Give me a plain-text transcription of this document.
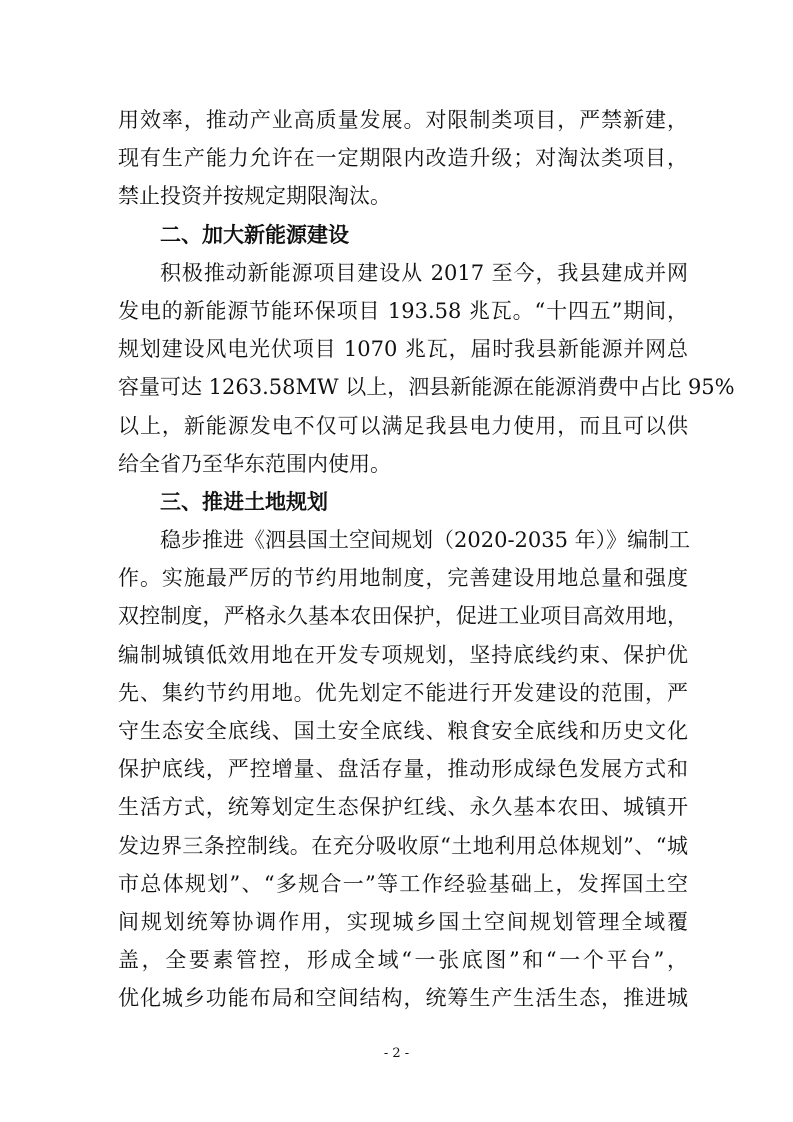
用效率，推动产业高质量发展。对限制类项目，严禁新建，
现有生产能力允许在一定期限内改造升级；对淘汰类项目，
禁止投资并按规定期限淘汰。
二、加大新能源建设
积极推动新能源项目建设从 2017 至今，我县建成并网
发电的新能源节能环保项目 193.58 兆瓦。“十四五”期间，
规划建设风电光伏项目 1070 兆瓦，届时我县新能源并网总
容量可达 1263.58MW 以上，泗县新能源在能源消费中占比 95%
以上，新能源发电不仅可以满足我县电力使用，而且可以供
给全省乃至华东范围内使用。
三、推进土地规划
稳步推进《泗县国土空间规划（2020-2035 年）》编制工
作。实施最严厉的节约用地制度，完善建设用地总量和强度
双控制度，严格永久基本农田保护，促进工业项目高效用地，
编制城镇低效用地在开发专项规划，坚持底线约束、保护优
先、集约节约用地。优先划定不能进行开发建设的范围，严
守生态安全底线、国土安全底线、粮食安全底线和历史文化
保护底线，严控增量、盘活存量，推动形成绿色发展方式和
生活方式，统筹划定生态保护红线、永久基本农田、城镇开
发边界三条控制线。在充分吸收原“土地利用总体规划”、“城
市总体规划”、“多规合一”等工作经验基础上，发挥国土空
间规划统筹协调作用，实现城乡国土空间规划管理全域覆
盖，全要素管控，形成全域“一张底图”和“一个平台”，
优化城乡功能布局和空间结构，统筹生产生活生态，推进城
- 2 -
